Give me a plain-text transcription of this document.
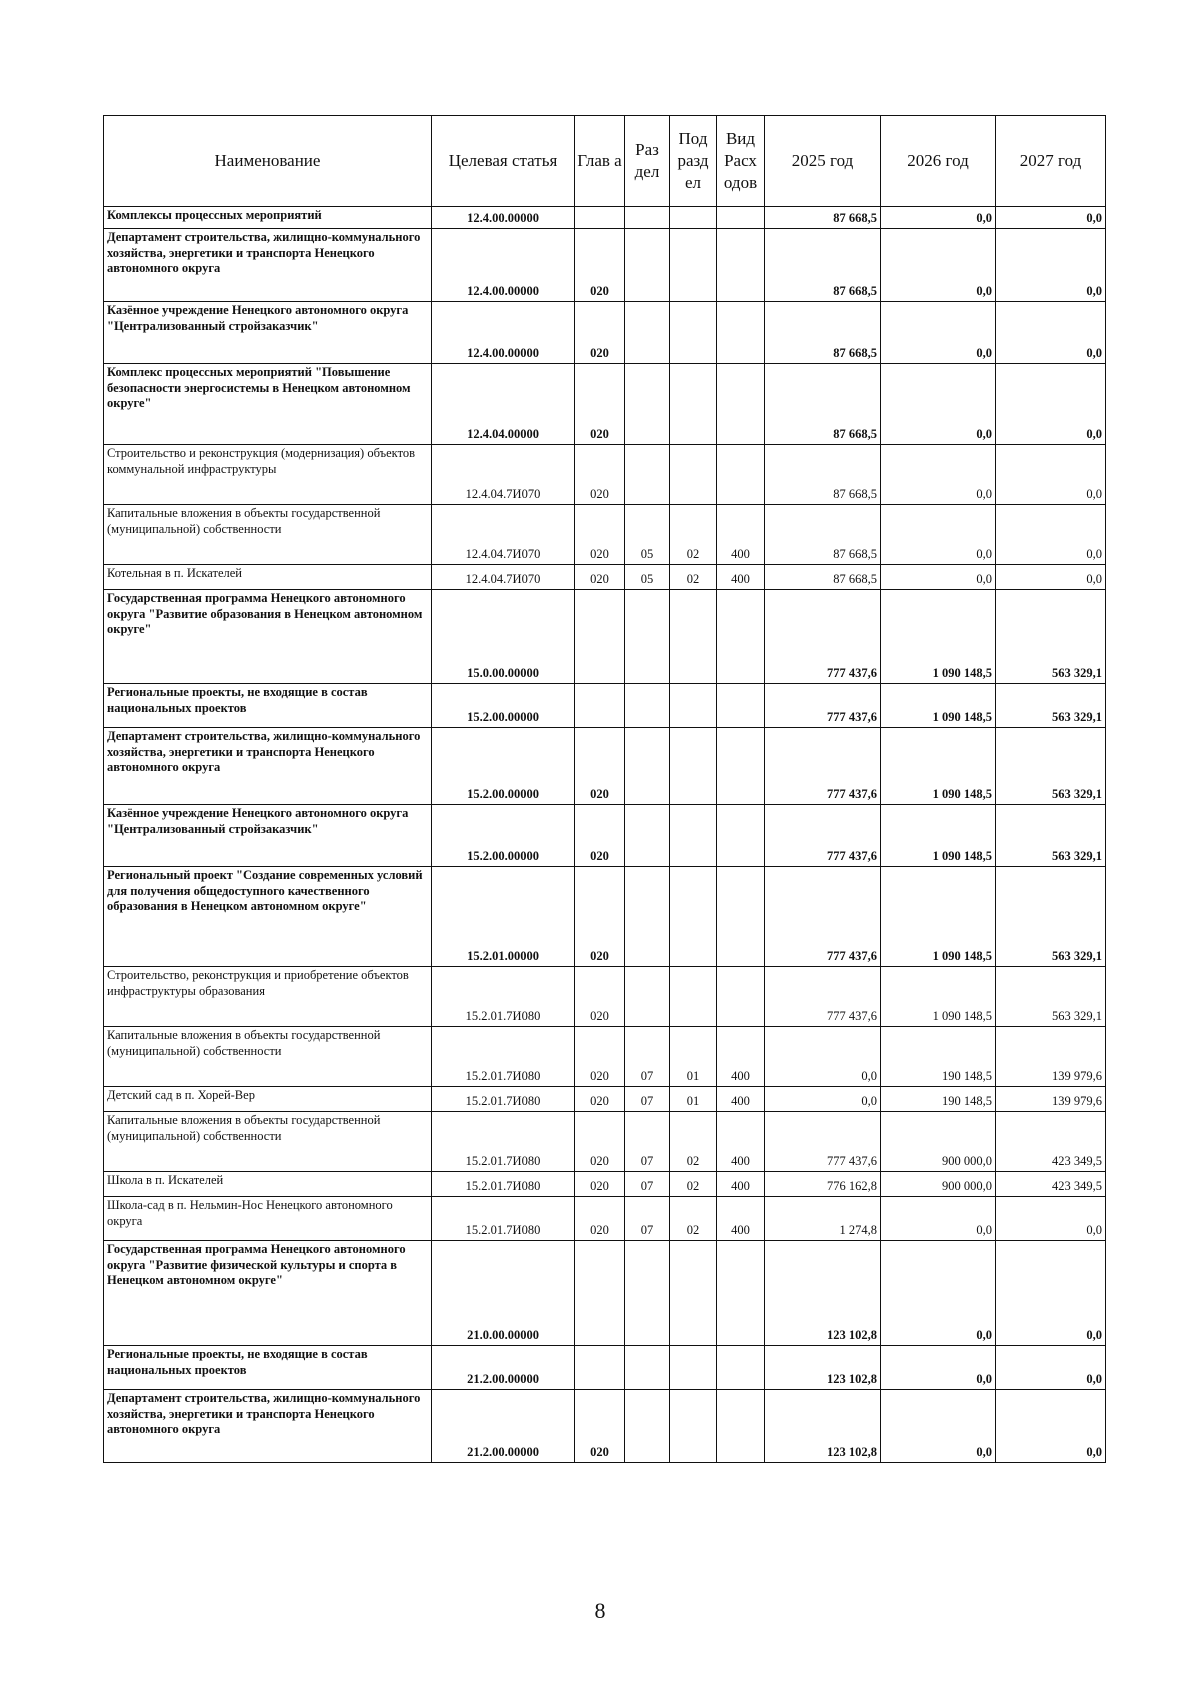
Наименование	Целевая статья	Глав а	Раз дел	Под разд ел	Вид Расх одов	2025 год	2026 год	2027 год
Комплексы процессных мероприятий	12.4.00.00000					87 668,5	0,0	0,0
Департамент строительства, жилищно-коммунального хозяйства, энергетики и транспорта Ненецкого автономного округа	12.4.00.00000	020				87 668,5	0,0	0,0
Казённое учреждение Ненецкого автономного округа "Централизованный стройзаказчик"	12.4.00.00000	020				87 668,5	0,0	0,0
Комплекс процессных мероприятий "Повышение безопасности энергосистемы в Ненецком автономном округе"	12.4.04.00000	020				87 668,5	0,0	0,0
Строительство и реконструкция (модернизация) объектов коммунальной инфраструктуры	12.4.04.7И070	020				87 668,5	0,0	0,0
Капитальные вложения в объекты государственной (муниципальной) собственности	12.4.04.7И070	020	05	02	400	87 668,5	0,0	0,0
Котельная в п. Искателей	12.4.04.7И070	020	05	02	400	87 668,5	0,0	0,0
Государственная программа Ненецкого автономного округа "Развитие образования в Ненецком автономном округе"	15.0.00.00000					777 437,6	1 090 148,5	563 329,1
Региональные проекты, не входящие в состав национальных проектов	15.2.00.00000					777 437,6	1 090 148,5	563 329,1
Департамент строительства, жилищно-коммунального хозяйства, энергетики и транспорта Ненецкого автономного округа	15.2.00.00000	020				777 437,6	1 090 148,5	563 329,1
Казённое учреждение Ненецкого автономного округа "Централизованный стройзаказчик"	15.2.00.00000	020				777 437,6	1 090 148,5	563 329,1
Региональный проект "Создание современных условий для получения общедоступного качественного образования в Ненецком автономном округе"	15.2.01.00000	020				777 437,6	1 090 148,5	563 329,1
Строительство, реконструкция и приобретение объектов инфраструктуры образования	15.2.01.7И080	020				777 437,6	1 090 148,5	563 329,1
Капитальные вложения в объекты государственной (муниципальной) собственности	15.2.01.7И080	020	07	01	400	0,0	190 148,5	139 979,6
Детский сад в п. Хорей-Вер	15.2.01.7И080	020	07	01	400	0,0	190 148,5	139 979,6
Капитальные вложения в объекты государственной (муниципальной) собственности	15.2.01.7И080	020	07	02	400	777 437,6	900 000,0	423 349,5
Школа в п. Искателей	15.2.01.7И080	020	07	02	400	776 162,8	900 000,0	423 349,5
Школа-сад в п. Нельмин-Нос Ненецкого автономного округа	15.2.01.7И080	020	07	02	400	1 274,8	0,0	0,0
Государственная программа Ненецкого автономного округа "Развитие физической культуры и спорта в Ненецком автономном округе"	21.0.00.00000					123 102,8	0,0	0,0
Региональные проекты, не входящие в состав национальных проектов	21.2.00.00000					123 102,8	0,0	0,0
Департамент строительства, жилищно-коммунального хозяйства, энергетики и транспорта Ненецкого автономного округа	21.2.00.00000	020				123 102,8	0,0	0,0
8
